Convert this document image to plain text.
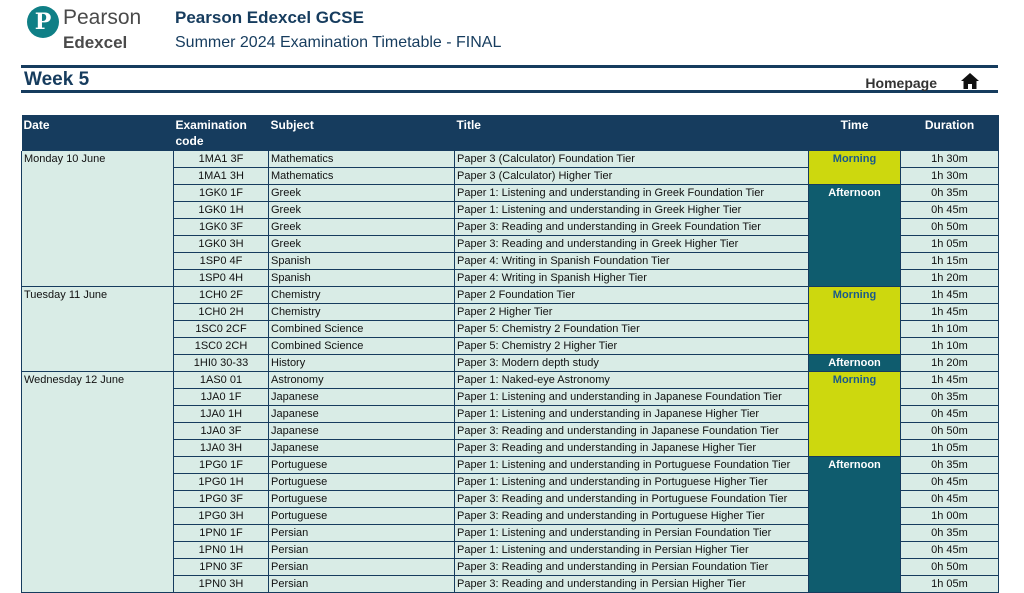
P Pearson
Edexcel
Pearson Edexcel GCSE
Summer 2024 Examination Timetable - FINAL
Week 5	Homepage
Date	Examination code	Subject	Title	Time	Duration
Monday 10 June	1MA1 3F	Mathematics	Paper 3 (Calculator) Foundation Tier	Morning	1h 30m
	1MA1 3H	Mathematics	Paper 3 (Calculator) Higher Tier		1h 30m
	1GK0 1F	Greek	Paper 1: Listening and understanding in Greek Foundation Tier	Afternoon	0h 35m
	1GK0 1H	Greek	Paper 1: Listening and understanding in Greek Higher Tier		0h 45m
	1GK0 3F	Greek	Paper 3: Reading and understanding in Greek Foundation Tier		0h 50m
	1GK0 3H	Greek	Paper 3: Reading and understanding in Greek Higher Tier		1h 05m
	1SP0 4F	Spanish	Paper 4: Writing in Spanish Foundation Tier		1h 15m
	1SP0 4H	Spanish	Paper 4: Writing in Spanish Higher Tier		1h 20m
Tuesday 11 June	1CH0 2F	Chemistry	Paper 2 Foundation Tier	Morning	1h 45m
	1CH0 2H	Chemistry	Paper 2 Higher Tier		1h 45m
	1SC0 2CF	Combined Science	Paper 5: Chemistry 2 Foundation Tier		1h 10m
	1SC0 2CH	Combined Science	Paper 5: Chemistry 2 Higher Tier		1h 10m
	1HI0 30-33	History	Paper 3: Modern depth study	Afternoon	1h 20m
Wednesday 12 June	1AS0 01	Astronomy	Paper 1: Naked-eye Astronomy	Morning	1h 45m
	1JA0 1F	Japanese	Paper 1: Listening and understanding in Japanese Foundation Tier		0h 35m
	1JA0 1H	Japanese	Paper 1: Listening and understanding in Japanese Higher Tier		0h 45m
	1JA0 3F	Japanese	Paper 3: Reading and understanding in Japanese Foundation Tier		0h 50m
	1JA0 3H	Japanese	Paper 3: Reading and understanding in Japanese Higher Tier		1h 05m
	1PG0 1F	Portuguese	Paper 1: Listening and understanding in Portuguese Foundation Tier	Afternoon	0h 35m
	1PG0 1H	Portuguese	Paper 1: Listening and understanding in Portuguese Higher Tier		0h 45m
	1PG0 3F	Portuguese	Paper 3: Reading and understanding in Portuguese Foundation Tier		0h 45m
	1PG0 3H	Portuguese	Paper 3: Reading and understanding in Portuguese Higher Tier		1h 00m
	1PN0 1F	Persian	Paper 1: Listening and understanding in Persian Foundation Tier		0h 35m
	1PN0 1H	Persian	Paper 1: Listening and understanding in Persian Higher Tier		0h 45m
	1PN0 3F	Persian	Paper 3: Reading and understanding in Persian Foundation Tier		0h 50m
	1PN0 3H	Persian	Paper 3: Reading and understanding in Persian Higher Tier		1h 05m
